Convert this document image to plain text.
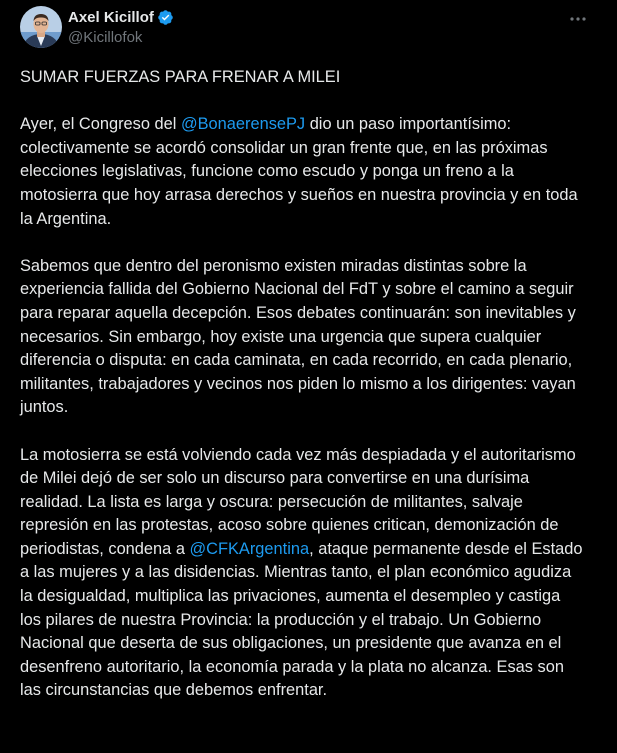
Axel Kicillof
@Kicillofok

SUMAR FUERZAS PARA FRENAR A MILEI

Ayer, el Congreso del @BonaerensePJ dio un paso importantísimo: colectivamente se acordó consolidar un gran frente que, en las próximas elecciones legislativas, funcione como escudo y ponga un freno a la motosierra que hoy arrasa derechos y sueños en nuestra provincia y en toda la Argentina.

Sabemos que dentro del peronismo existen miradas distintas sobre la experiencia fallida del Gobierno Nacional del FdT y sobre el camino a seguir para reparar aquella decepción. Esos debates continuarán: son inevitables y necesarios. Sin embargo, hoy existe una urgencia que supera cualquier diferencia o disputa: en cada caminata, en cada recorrido, en cada plenario, militantes, trabajadores y vecinos nos piden lo mismo a los dirigentes: vayan juntos.

La motosierra se está volviendo cada vez más despiadada y el autoritarismo de Milei dejó de ser solo un discurso para convertirse en una durísima realidad. La lista es larga y oscura: persecución de militantes, salvaje represión en las protestas, acoso sobre quienes critican, demonización de periodistas, condena a @CFKArgentina, ataque permanente desde el Estado a las mujeres y a las disidencias. Mientras tanto, el plan económico agudiza la desigualdad, multiplica las privaciones, aumenta el desempleo y castiga los pilares de nuestra Provincia: la producción y el trabajo. Un Gobierno Nacional que deserta de sus obligaciones, un presidente que avanza en el desenfreno autoritario, la economía parada y la plata no alcanza. Esas son las circunstancias que debemos enfrentar.
